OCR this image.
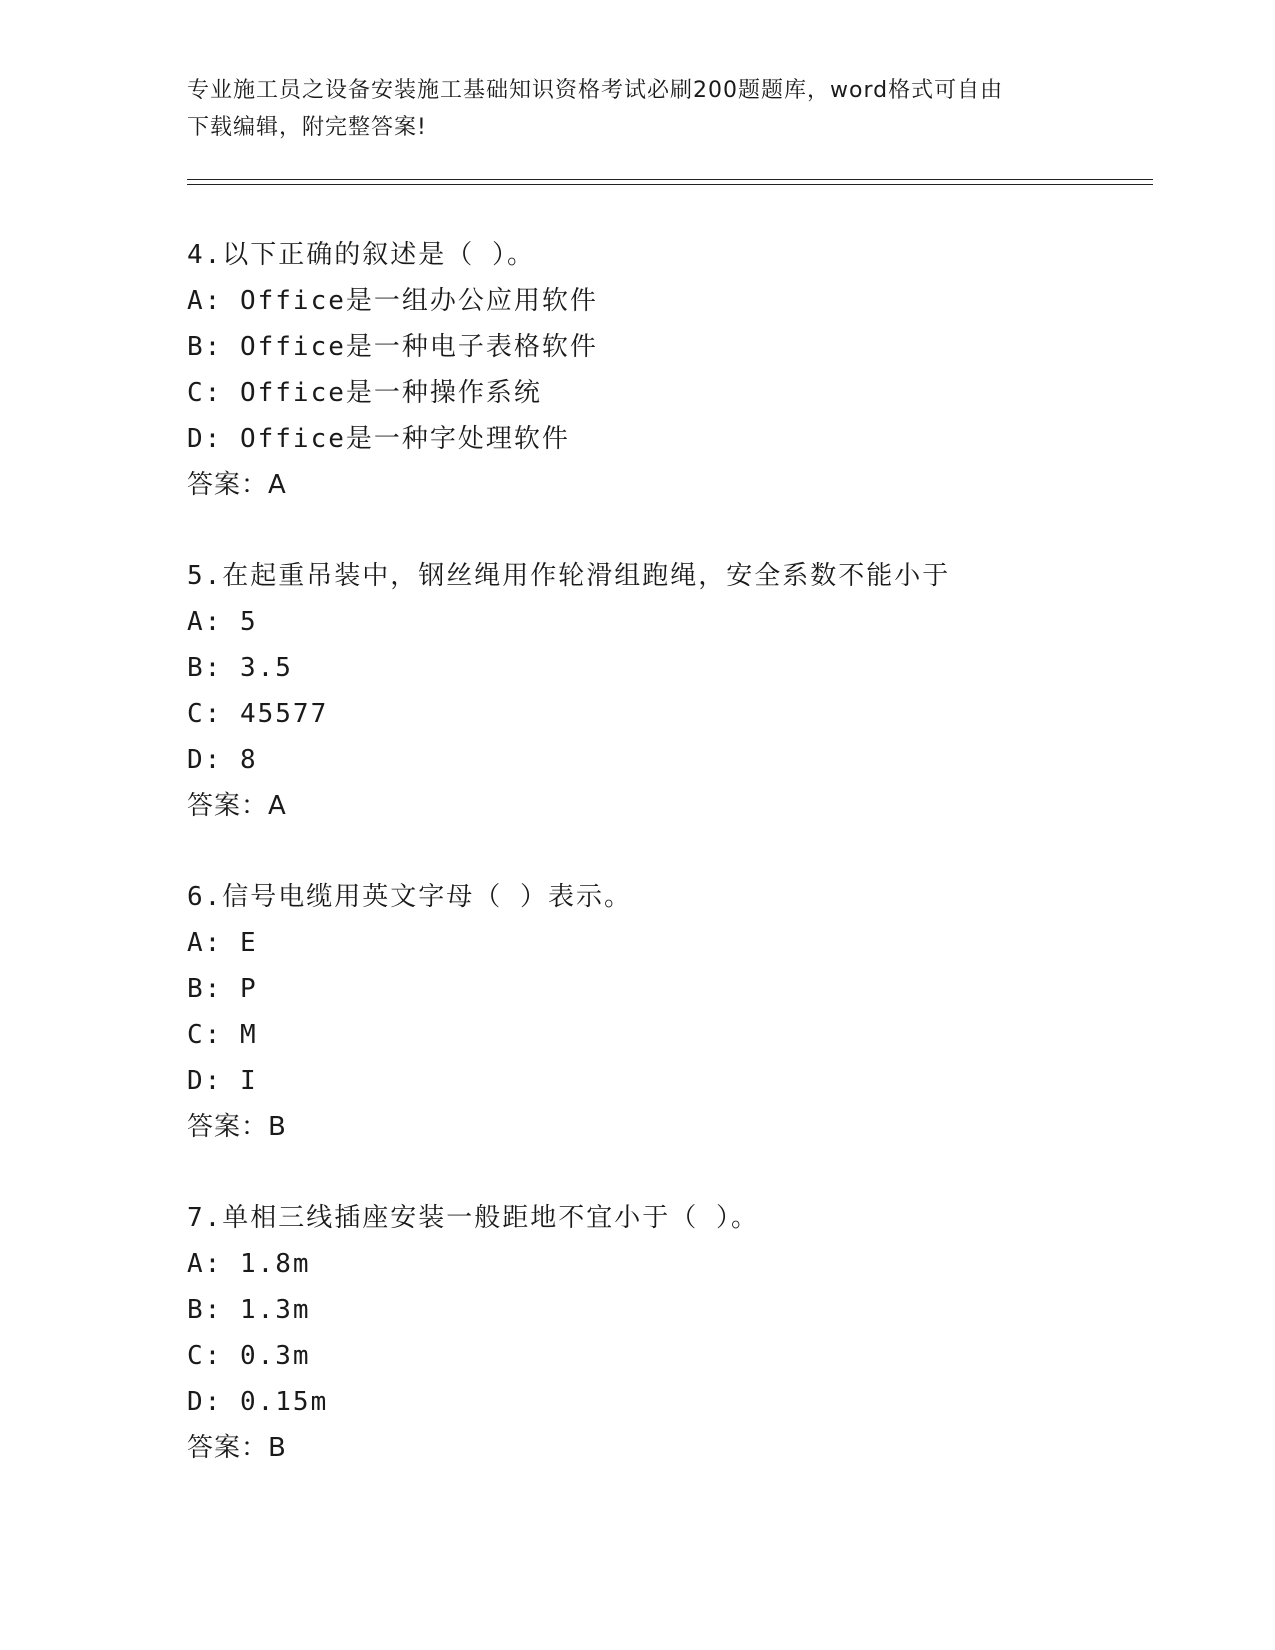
专业施工员之设备安装施工基础知识资格考试必刷200题题库，word格式可自由
下载编辑，附完整答案!
4.以下正确的叙述是（ ）。
A: Office是一组办公应用软件
B: Office是一种电子表格软件
C: Office是一种操作系统
D: Office是一种字处理软件
答案：A
5.在起重吊装中，钢丝绳用作轮滑组跑绳，安全系数不能小于
A: 5
B: 3.5
C: 45577
D: 8
答案：A
6.信号电缆用英文字母（ ）表示。
A: E
B: P
C: M
D: I
答案：B
7.单相三线插座安装一般距地不宜小于（ ）。
A: 1.8m
B: 1.3m
C: 0.3m
D: 0.15m
答案：B
